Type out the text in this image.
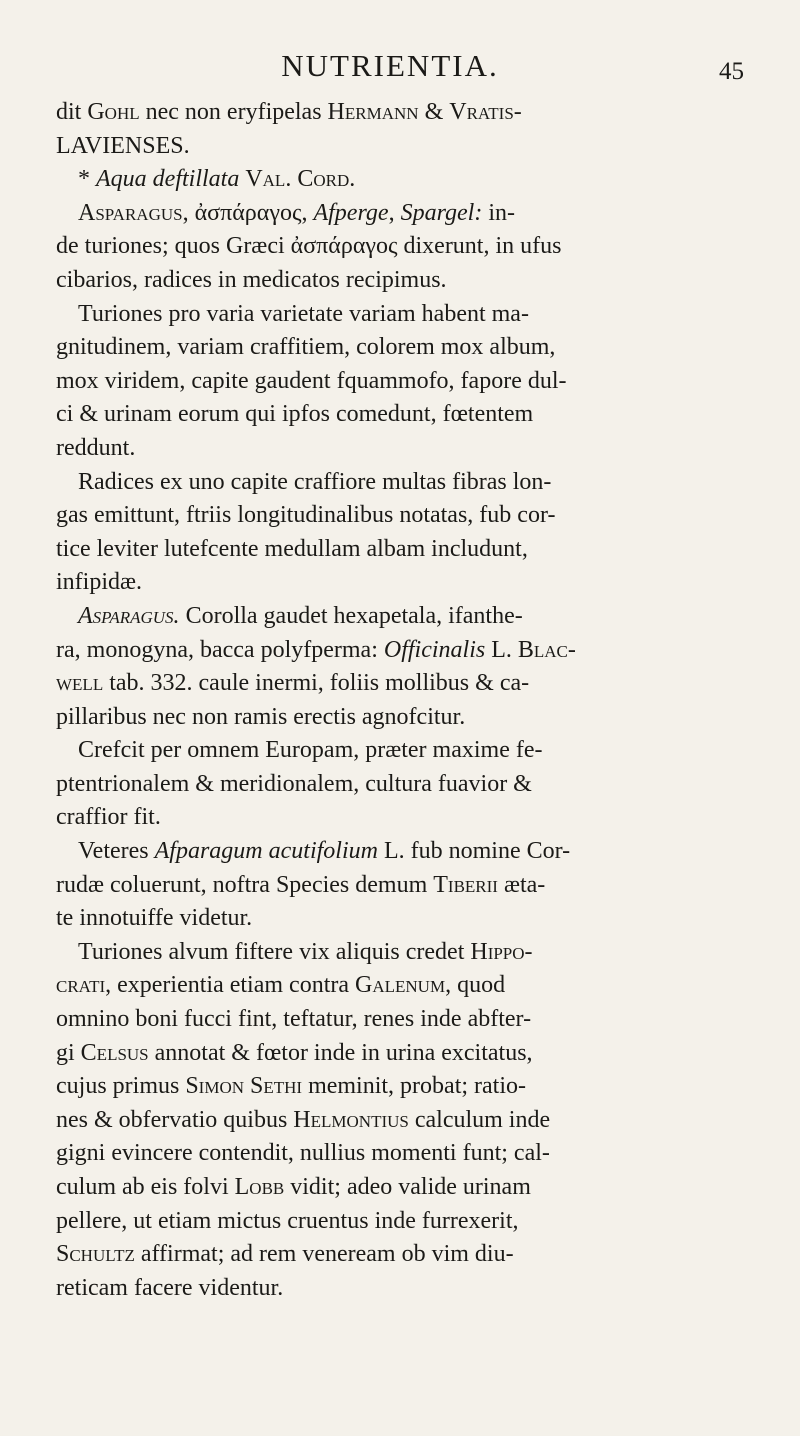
NUTRIENTIA.	45
dit Gohl nec non eryfipelas Hermann & Vratis-
LAVIENSES.
* Aqua deftillata Val. Cord.
Asparagus, ἀσπάραγος, Afperge, Spargel: in-
de turiones; quos Græci ἀσπάραγος dixerunt, in ufus
cibarios, radices in medicatos recipimus.
Turiones pro varia varietate variam habent ma-
gnitudinem, variam craffitiem, colorem mox album,
mox viridem, capite gaudent fquammofo, fapore dul-
ci & urinam eorum qui ipfos comedunt, fœtentem
reddunt.
Radices ex uno capite craffiore multas fibras lon-
gas emittunt, ftriis longitudinalibus notatas, fub cor-
tice leviter lutefcente medullam albam includunt,
infipidæ.
Asparagus. Corolla gaudet hexapetala, ifanthe-
ra, monogyna, bacca polyfperma: Officinalis L. Blac-
well tab. 332. caule inermi, foliis mollibus & ca-
pillaribus nec non ramis erectis agnofcitur.
Crefcit per omnem Europam, præter maxime fe-
ptentrionalem & meridionalem, cultura fuavior &
craffior fit.
Veteres Afparagum acutifolium L. fub nomine Cor-
rudæ coluerunt, noftra Species demum Tiberii æta-
te innotuiffe videtur.
Turiones alvum fiftere vix aliquis credet Hippo-
crati, experientia etiam contra Galenum, quod
omnino boni fucci fint, teftatur, renes inde abfter-
gi Celsus annotat & fœtor inde in urina excitatus,
cujus primus Simon Sethi meminit, probat; ratio-
nes & obfervatio quibus Helmontius calculum inde
gigni evincere contendit, nullius momenti funt; cal-
culum ab eis folvi Lobb vidit; adeo valide urinam
pellere, ut etiam mictus cruentus inde furrexerit,
Schultz affirmat; ad rem veneream ob vim diu-
reticam facere videntur.
